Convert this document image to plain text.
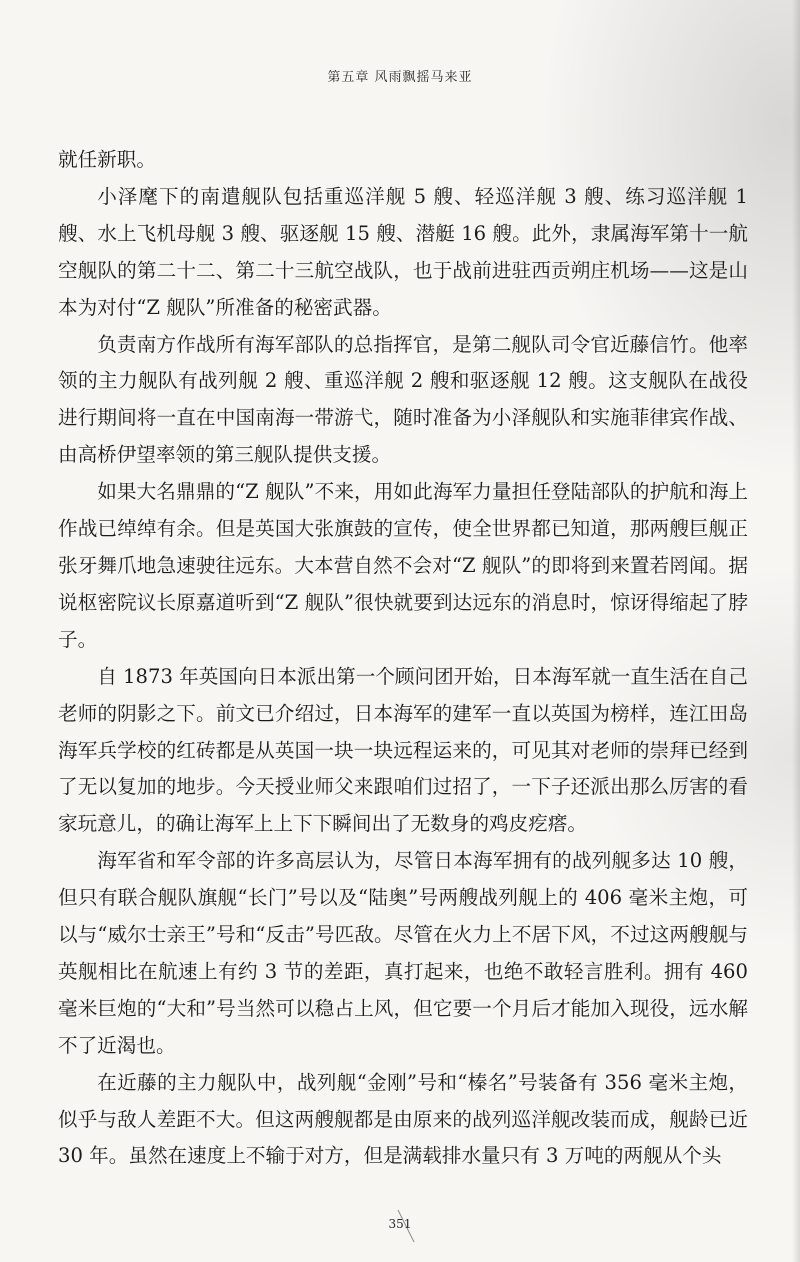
第五章 风雨飘摇马来亚

就任新职。

小泽麾下的南遣舰队包括重巡洋舰 5 艘、轻巡洋舰 3 艘、练习巡洋舰 1 艘、水上飞机母舰 3 艘、驱逐舰 15 艘、潜艇 16 艘。此外，隶属海军第十一航空舰队的第二十二、第二十三航空战队，也于战前进驻西贡朔庄机场——这是山本为对付“Z 舰队”所准备的秘密武器。

负责南方作战所有海军部队的总指挥官，是第二舰队司令官近藤信竹。他率领的主力舰队有战列舰 2 艘、重巡洋舰 2 艘和驱逐舰 12 艘。这支舰队在战役进行期间将一直在中国南海一带游弋，随时准备为小泽舰队和实施菲律宾作战、由高桥伊望率领的第三舰队提供支援。

如果大名鼎鼎的“Z 舰队”不来，用如此海军力量担任登陆部队的护航和海上作战已绰绰有余。但是英国大张旗鼓的宣传，使全世界都已知道，那两艘巨舰正张牙舞爪地急速驶往远东。大本营自然不会对“Z 舰队”的即将到来置若罔闻。据说枢密院议长原嘉道听到“Z 舰队”很快就要到达远东的消息时，惊讶得缩起了脖子。

自 1873 年英国向日本派出第一个顾问团开始，日本海军就一直生活在自己老师的阴影之下。前文已介绍过，日本海军的建军一直以英国为榜样，连江田岛海军兵学校的红砖都是从英国一块一块远程运来的，可见其对老师的崇拜已经到了无以复加的地步。今天授业师父来跟咱们过招了，一下子还派出那么厉害的看家玩意儿，的确让海军上上下下瞬间出了无数身的鸡皮疙瘩。

海军省和军令部的许多高层认为，尽管日本海军拥有的战列舰多达 10 艘，但只有联合舰队旗舰“长门”号以及“陆奥”号两艘战列舰上的 406 毫米主炮，可以与“威尔士亲王”号和“反击”号匹敌。尽管在火力上不居下风，不过这两艘舰与英舰相比在航速上有约 3 节的差距，真打起来，也绝不敢轻言胜利。拥有 460 毫米巨炮的“大和”号当然可以稳占上风，但它要一个月后才能加入现役，远水解不了近渴也。

在近藤的主力舰队中，战列舰“金刚”号和“榛名”号装备有 356 毫米主炮，似乎与敌人差距不大。但这两艘舰都是由原来的战列巡洋舰改装而成，舰龄已近 30 年。虽然在速度上不输于对方，但是满载排水量只有 3 万吨的两舰从个头

351
